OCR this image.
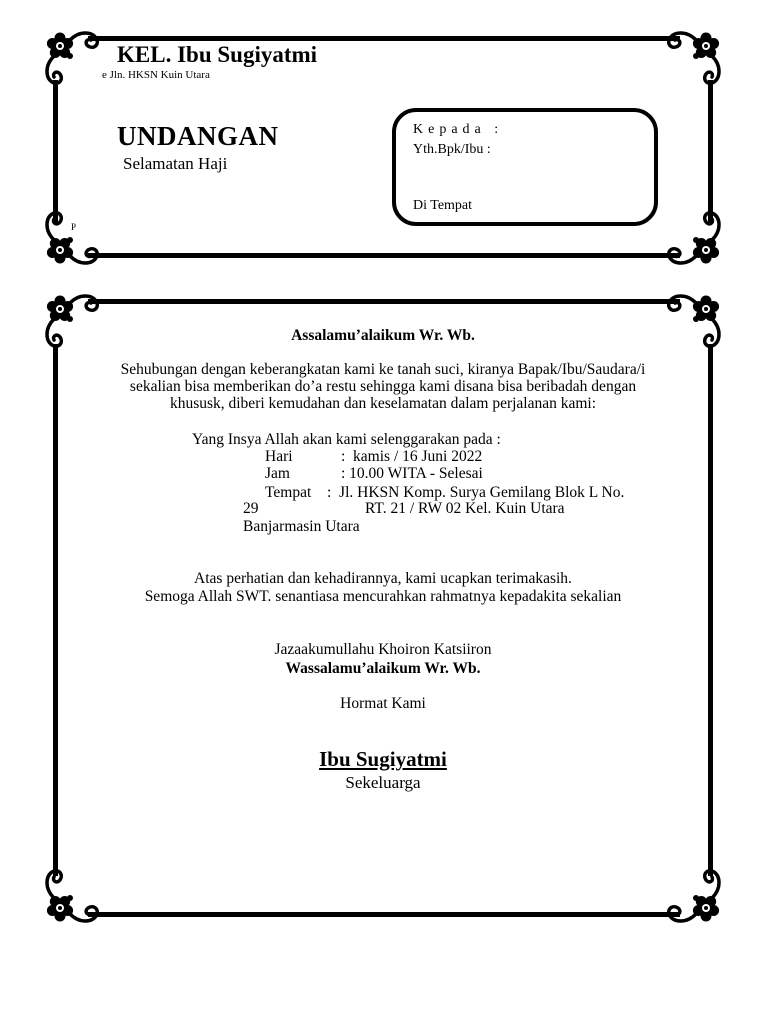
KEL. Ibu Sugiyatmi
e Jln. HKSN Kuin Utara
UNDANGAN
Selamatan Haji
P
Kepada :
Yth.Bpk/Ibu :
Di Tempat
Assalamu’alaikum Wr. Wb.
Sehubungan dengan keberangkatan kami ke tanah suci, kiranya Bapak/Ibu/Saudara/i
sekalian bisa memberikan do’a restu sehingga kami disana bisa beribadah dengan
khususk, diberi kemudahan dan keselamatan dalam perjalanan kami:
Yang Insya Allah akan kami selenggarakan pada :
Hari	:  kamis / 16 Juni 2022
Jam	: 10.00 WITA - Selesai
Tempat :  Jl. HKSN Komp. Surya Gemilang Blok L No.
29	RT. 21 / RW 02 Kel. Kuin Utara
Banjarmasin Utara
Atas perhatian dan kehadirannya, kami ucapkan terimakasih.
Semoga Allah SWT. senantiasa mencurahkan rahmatnya kepadakita sekalian
Jazaakumullahu Khoiron Katsiiron
Wassalamu’alaikum Wr. Wb.
Hormat Kami
Ibu Sugiyatmi
Sekeluarga
